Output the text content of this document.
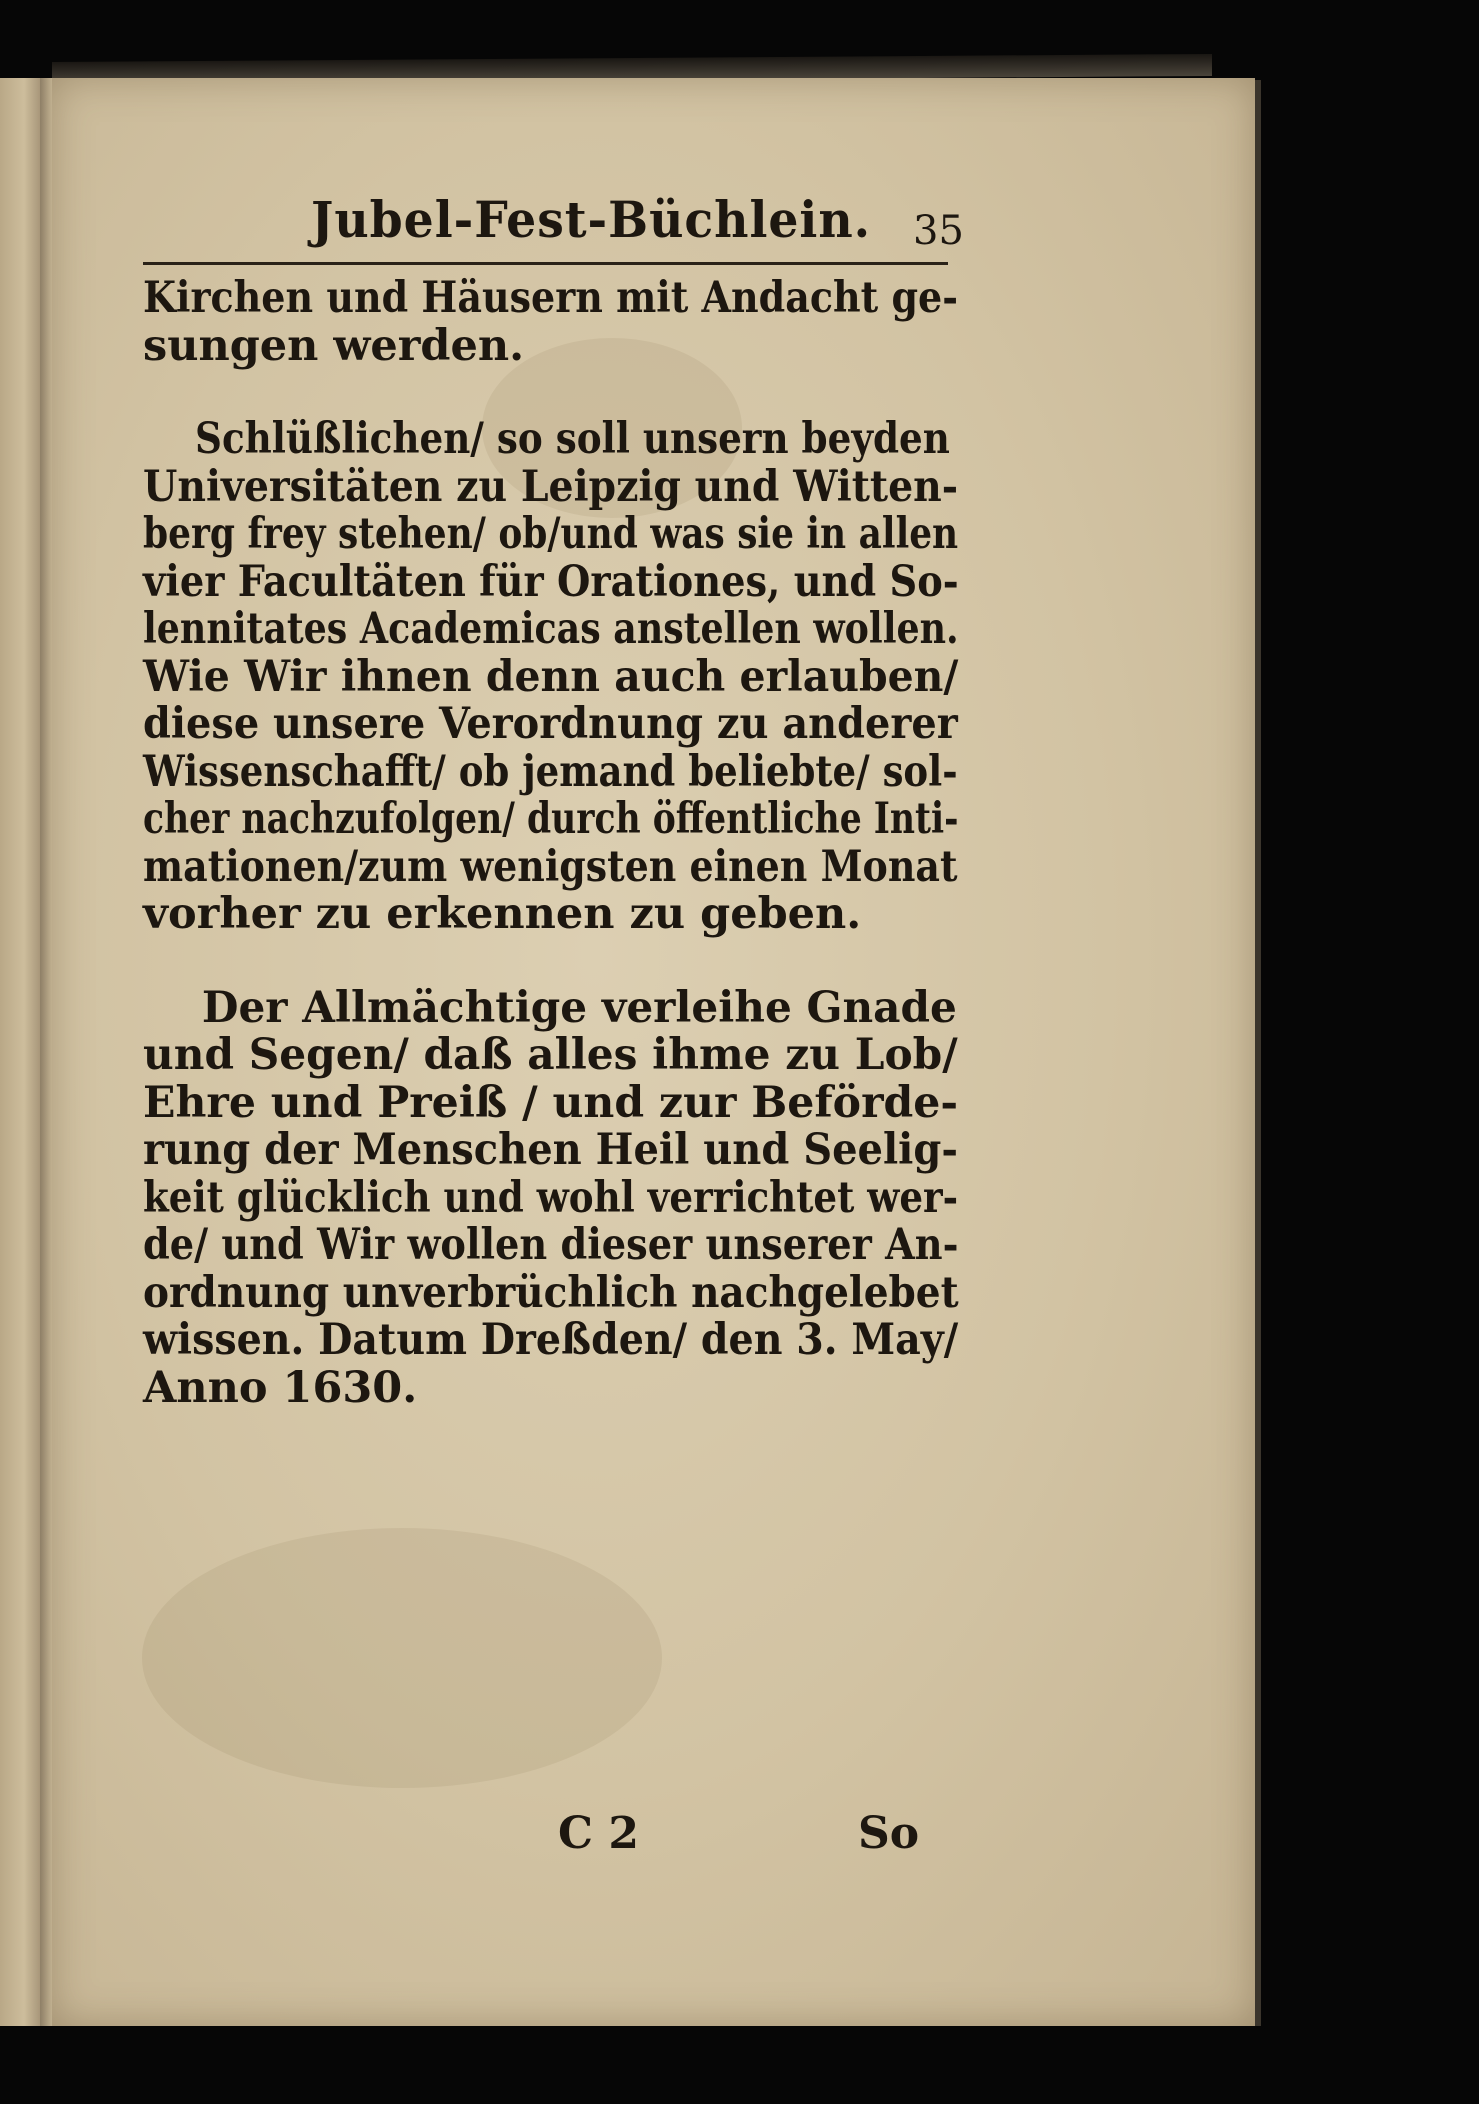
Jubel-Fest-Büchlein. 35
Kirchen und Häusern mit Andacht ge-
sungen werden.
Schlüßlichen/ so soll unsern beyden
Universitäten zu Leipzig und Witten-
berg frey stehen/ ob/und was sie in allen
vier Facultäten für Orationes, und So-
lennitates Academicas anstellen wollen.
Wie Wir ihnen denn auch erlauben/
diese unsere Verordnung zu anderer
Wissenschafft/ ob jemand beliebte/ sol-
cher nachzufolgen/ durch öffentliche Inti-
mationen/zum wenigsten einen Monat
vorher zu erkennen zu geben.
Der Allmächtige verleihe Gnade
und Segen/ daß alles ihme zu Lob/
Ehre und Preiß / und zur Beförde-
rung der Menschen Heil und Seelig-
keit glücklich und wohl verrichtet wer-
de/ und Wir wollen dieser unserer An-
ordnung unverbrüchlich nachgelebet
wissen. Datum Dreßden/ den 3. May/
Anno 1630.
C 2	So
